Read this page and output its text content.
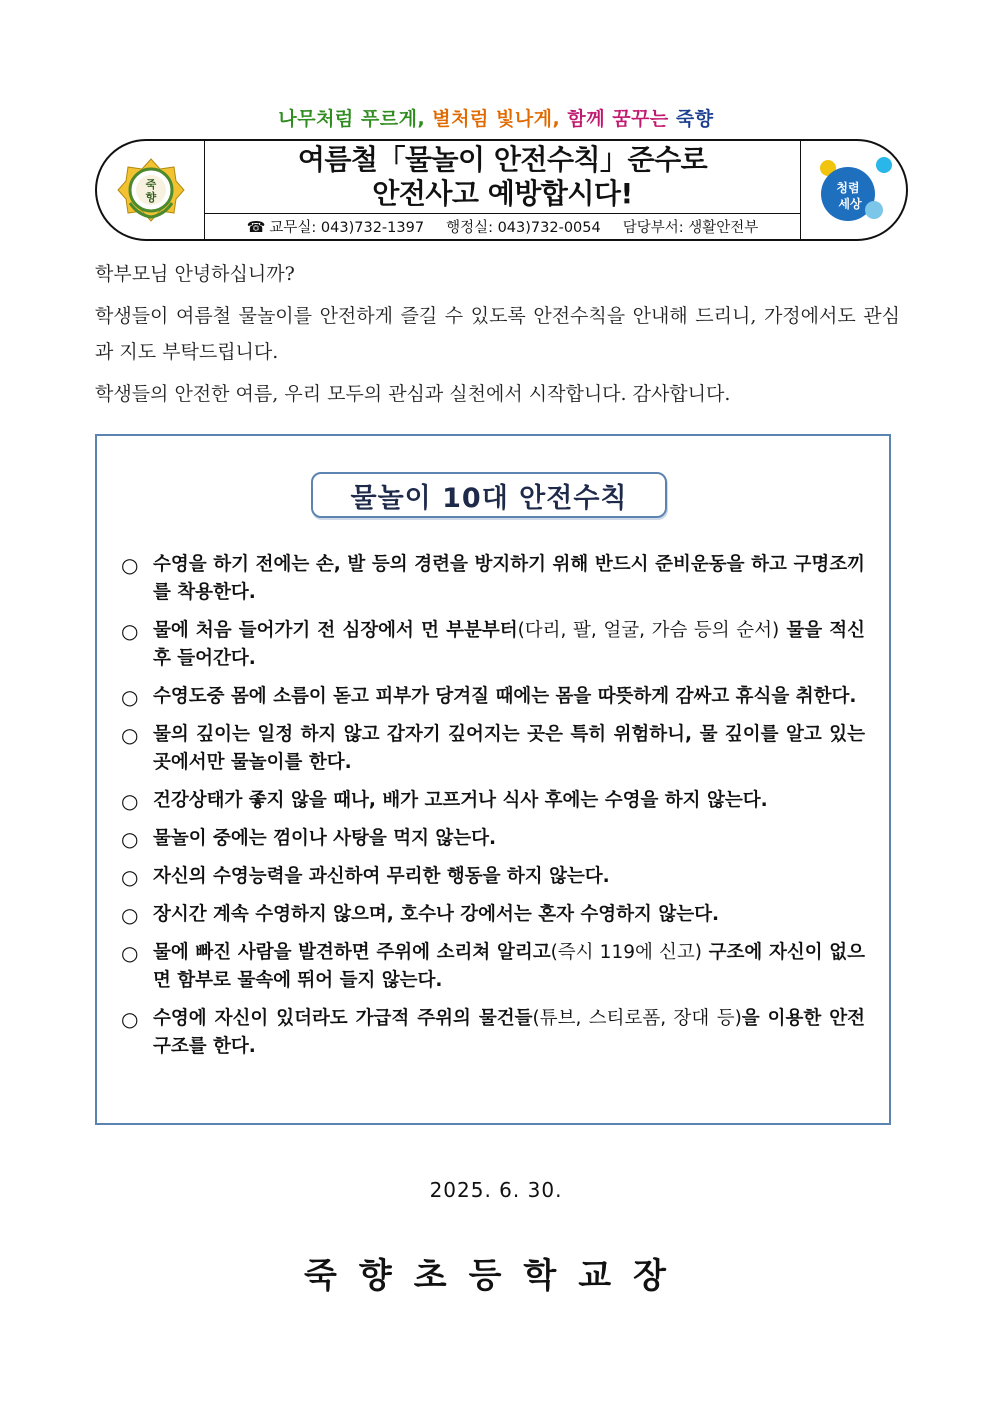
나무처럼 푸르게, 별처럼 빛나게, 함께 꿈꾸는 죽향
죽
향
여름철「물놀이 안전수칙」준수로
안전사고 예방합시다!
☎ 교무실: 043)732-1397 행정실: 043)732-0054 담당부서: 생활안전부
청렴
세상
학부모님 안녕하십니까?
학생들이 여름철 물놀이를 안전하게 즐길 수 있도록 안전수칙을 안내해 드리니, 가정에서도 관심과 지도 부탁드립니다.
학생들의 안전한 여름, 우리 모두의 관심과 실천에서 시작합니다. 감사합니다.
물놀이 10대 안전수칙
○ 수영을 하기 전에는 손, 발 등의 경련을 방지하기 위해 반드시 준비운동을 하고 구명조끼를 착용한다.
○ 물에 처음 들어가기 전 심장에서 먼 부분부터(다리, 팔, 얼굴, 가슴 등의 순서) 물을 적신 후 들어간다.
○ 수영도중 몸에 소름이 돋고 피부가 당겨질 때에는 몸을 따뜻하게 감싸고 휴식을 취한다.
○ 물의 깊이는 일정 하지 않고 갑자기 깊어지는 곳은 특히 위험하니, 물 깊이를 알고 있는 곳에서만 물놀이를 한다.
○ 건강상태가 좋지 않을 때나, 배가 고프거나 식사 후에는 수영을 하지 않는다.
○ 물놀이 중에는 껌이나 사탕을 먹지 않는다.
○ 자신의 수영능력을 과신하여 무리한 행동을 하지 않는다.
○ 장시간 계속 수영하지 않으며, 호수나 강에서는 혼자 수영하지 않는다.
○ 물에 빠진 사람을 발견하면 주위에 소리쳐 알리고(즉시 119에 신고) 구조에 자신이 없으면 함부로 물속에 뛰어 들지 않는다.
○ 수영에 자신이 있더라도 가급적 주위의 물건들(튜브, 스티로폼, 장대 등)을 이용한 안전구조를 한다.
2025. 6. 30.
죽향초등학교장
